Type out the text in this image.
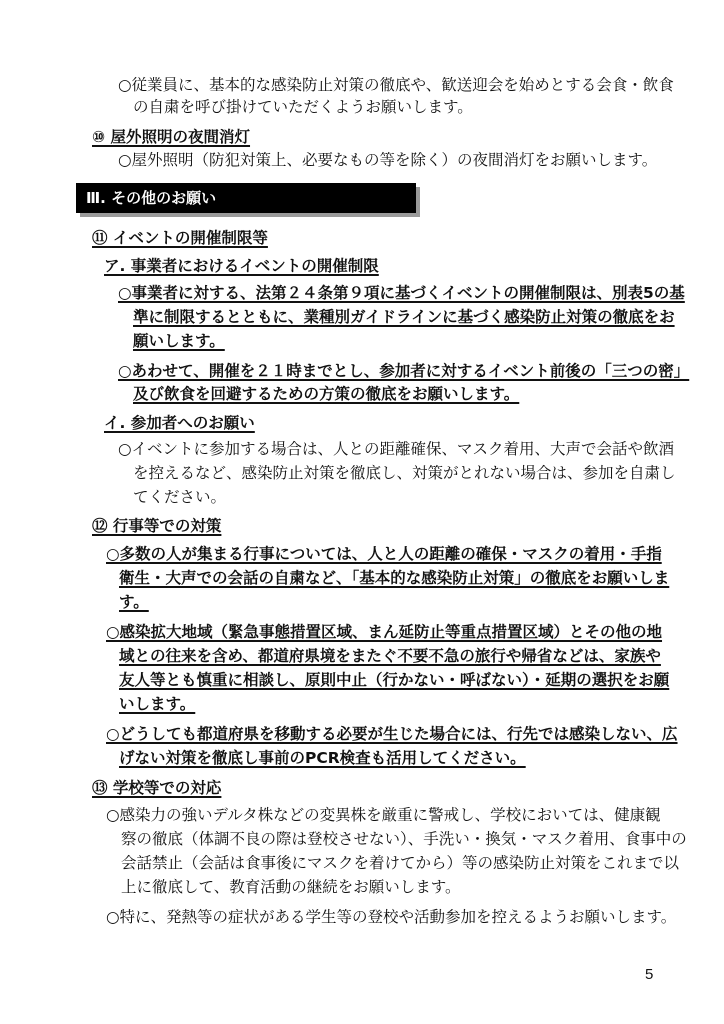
○従業員に、基本的な感染防止対策の徹底や、歓送迎会を始めとする会食・飲食
の自粛を呼び掛けていただくようお願いします。
⑩ 屋外照明の夜間消灯
○屋外照明（防犯対策上、必要なもの等を除く）の夜間消灯をお願いします。
Ⅲ. その他のお願い
⑪ イベントの開催制限等
ア. 事業者におけるイベントの開催制限
○事業者に対する、法第２４条第９項に基づくイベントの開催制限は、別表5の基
準に制限するとともに、業種別ガイドラインに基づく感染防止対策の徹底をお
願いします。
○あわせて、開催を２１時までとし、参加者に対するイベント前後の「三つの密」
及び飲食を回避するための方策の徹底をお願いします。
イ. 参加者へのお願い
○イベントに参加する場合は、人との距離確保、マスク着用、大声で会話や飲酒
を控えるなど、感染防止対策を徹底し、対策がとれない場合は、参加を自粛し
てください。
⑫ 行事等での対策
○多数の人が集まる行事については、人と人の距離の確保・マスクの着用・手指
衛生・大声での会話の自粛など、「基本的な感染防止対策」の徹底をお願いしま
す。
○感染拡大地域（緊急事態措置区域、まん延防止等重点措置区域）とその他の地
域との往来を含め、都道府県境をまたぐ不要不急の旅行や帰省などは、家族や
友人等とも慎重に相談し、原則中止（行かない・呼ばない）・延期の選択をお願
いします。
○どうしても都道府県を移動する必要が生じた場合には、行先では感染しない、広
げない対策を徹底し事前のPCR検査も活用してください。
⑬ 学校等での対応
○感染力の強いデルタ株などの変異株を厳重に警戒し、学校においては、健康観
察の徹底（体調不良の際は登校させない）、手洗い・換気・マスク着用、食事中の
会話禁止（会話は食事後にマスクを着けてから）等の感染防止対策をこれまで以
上に徹底して、教育活動の継続をお願いします。
○特に、発熱等の症状がある学生等の登校や活動参加を控えるようお願いします。
5
